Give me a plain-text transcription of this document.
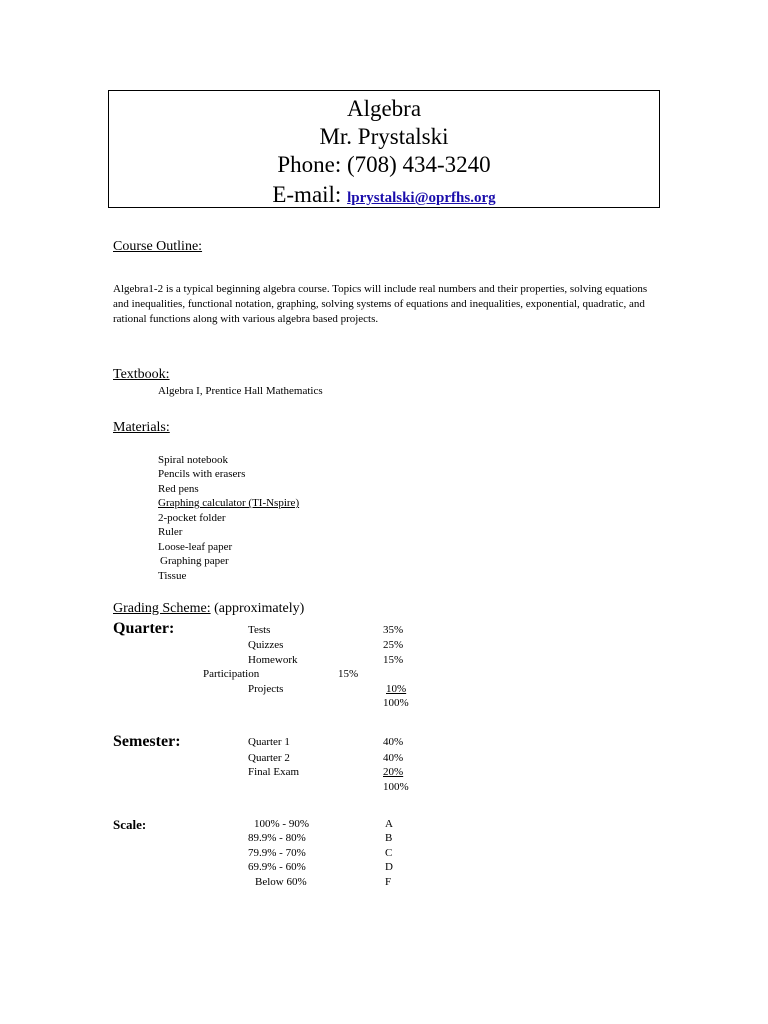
Algebra
Mr. Prystalski
Phone: (708) 434-3240
E-mail: lprystalski@oprfhs.org
Course Outline:
Algebra1-2 is a typical beginning algebra course. Topics will include real numbers and their properties, solving equations and inequalities, functional notation, graphing, solving systems of equations and inequalities, exponential, quadratic, and rational functions along with various algebra based projects.
Textbook:
Algebra I, Prentice Hall Mathematics
Materials:
Spiral notebook
Pencils with erasers
Red pens
Graphing calculator (TI-Nspire)
2-pocket folder
Ruler
Loose-leaf paper
Graphing paper
Tissue
Grading Scheme: (approximately)
Quarter:	Tests	35%
Quizzes	25%
Homework	15%
Participation	15%
Projects	10%
100%
Semester:	Quarter 1	40%
Quarter 2	40%
Final Exam	20%
100%
Scale:	100% - 90%	A
89.9% - 80%	B
79.9% - 70%	C
69.9% - 60%	D
Below 60%	F
